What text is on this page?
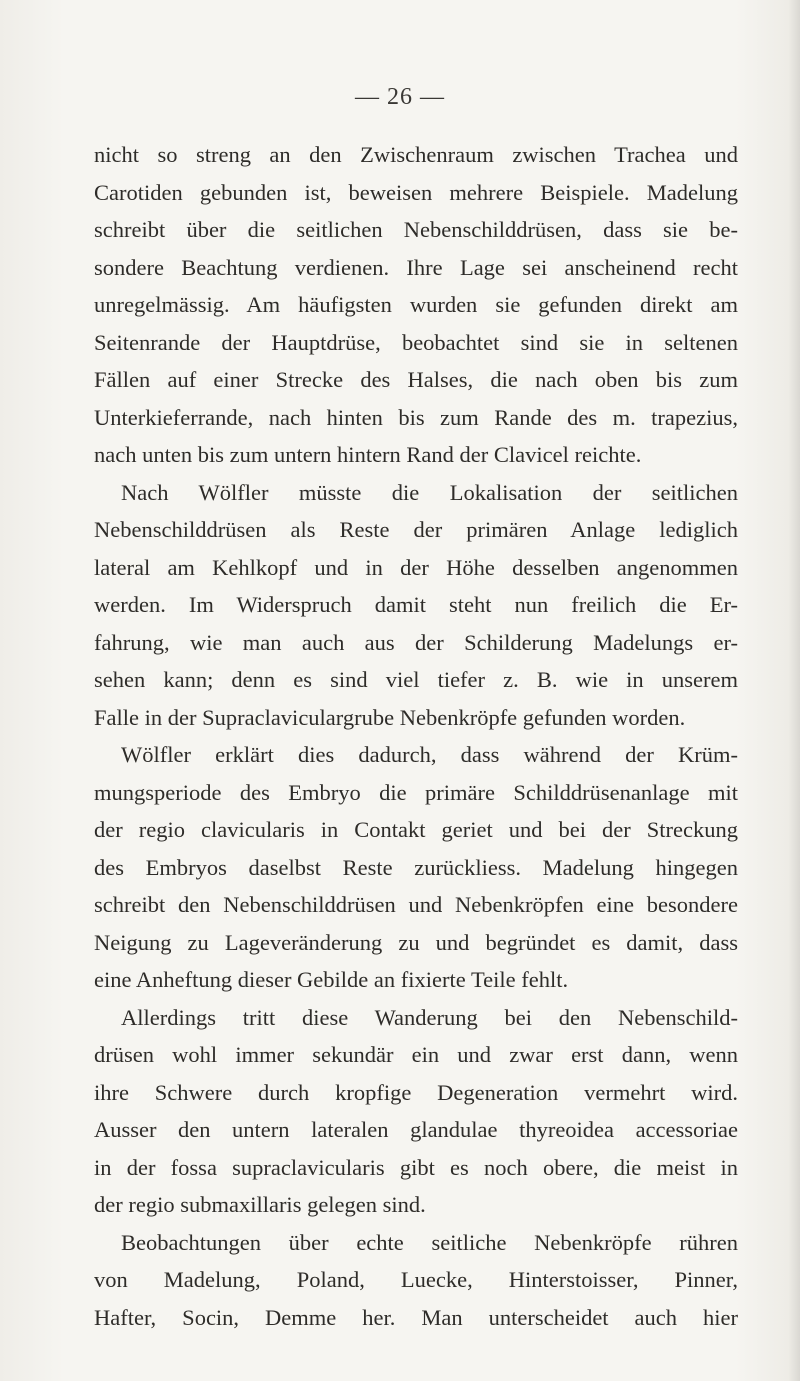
— 26 —
nicht so streng an den Zwischenraum zwischen Trachea und
Carotiden gebunden ist, beweisen mehrere Beispiele. Madelung
schreibt über die seitlichen Nebenschilddrüsen, dass sie be-
sondere Beachtung verdienen. Ihre Lage sei anscheinend recht
unregelmässig. Am häufigsten wurden sie gefunden direkt am
Seitenrande der Hauptdrüse, beobachtet sind sie in seltenen
Fällen auf einer Strecke des Halses, die nach oben bis zum
Unterkieferrande, nach hinten bis zum Rande des m. trapezius,
nach unten bis zum untern hintern Rand der Clavicel reichte.
Nach Wölfler müsste die Lokalisation der seitlichen
Nebenschilddrüsen als Reste der primären Anlage lediglich
lateral am Kehlkopf und in der Höhe desselben angenommen
werden. Im Widerspruch damit steht nun freilich die Er-
fahrung, wie man auch aus der Schilderung Madelungs er-
sehen kann; denn es sind viel tiefer z. B. wie in unserem
Falle in der Supraclaviculargrube Nebenkröpfe gefunden worden.
Wölfler erklärt dies dadurch, dass während der Krüm-
mungsperiode des Embryo die primäre Schilddrüsenanlage mit
der regio clavicularis in Contakt geriet und bei der Streckung
des Embryos daselbst Reste zurückliess. Madelung hingegen
schreibt den Nebenschilddrüsen und Nebenkröpfen eine besondere
Neigung zu Lageveränderung zu und begründet es damit, dass
eine Anheftung dieser Gebilde an fixierte Teile fehlt.
Allerdings tritt diese Wanderung bei den Nebenschild-
drüsen wohl immer sekundär ein und zwar erst dann, wenn
ihre Schwere durch kropfige Degeneration vermehrt wird.
Ausser den untern lateralen glandulae thyreoidea accessoriae
in der fossa supraclavicularis gibt es noch obere, die meist in
der regio submaxillaris gelegen sind.
Beobachtungen über echte seitliche Nebenkröpfe rühren
von Madelung, Poland, Luecke, Hinterstoisser, Pinner,
Hafter, Socin, Demme her. Man unterscheidet auch hier
